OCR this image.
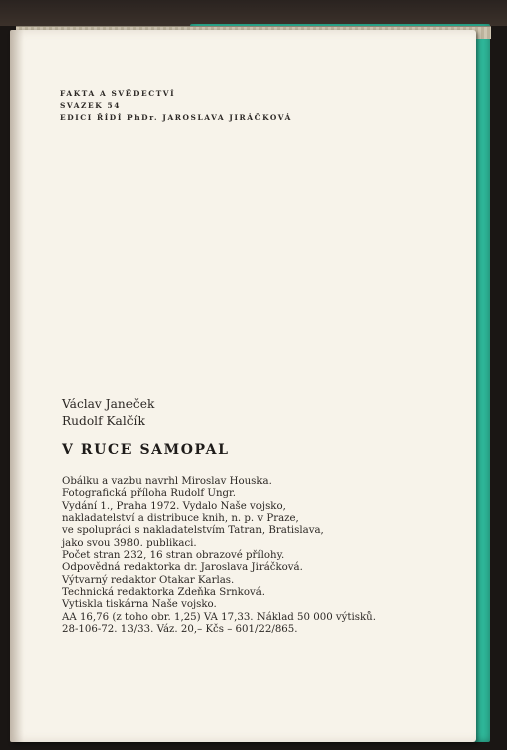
FAKTA A SVĚDECTVÍ
SVAZEK 54
EDICI ŘÍDÍ PhDr. JAROSLAVA JIRÁČKOVÁ
Václav Janeček
Rudolf Kalčík
V RUCE SAMOPAL
Obálku a vazbu navrhl Miroslav Houska.
Fotografická příloha Rudolf Ungr.
Vydání 1., Praha 1972. Vydalo Naše vojsko,
nakladatelství a distribuce knih, n. p. v Praze,
ve spolupráci s nakladatelstvím Tatran, Bratislava,
jako svou 3980. publikaci.
Počet stran 232, 16 stran obrazové přílohy.
Odpovědná redaktorka dr. Jaroslava Jiráčková.
Výtvarný redaktor Otakar Karlas.
Technická redaktorka Zdeňka Srnková.
Vytiskla tiskárna Naše vojsko.
AA 16,76 (z toho obr. 1,25) VA 17,33. Náklad 50 000 výtisků.
28-106-72. 13/33. Váz. 20,– Kčs – 601/22/865.
